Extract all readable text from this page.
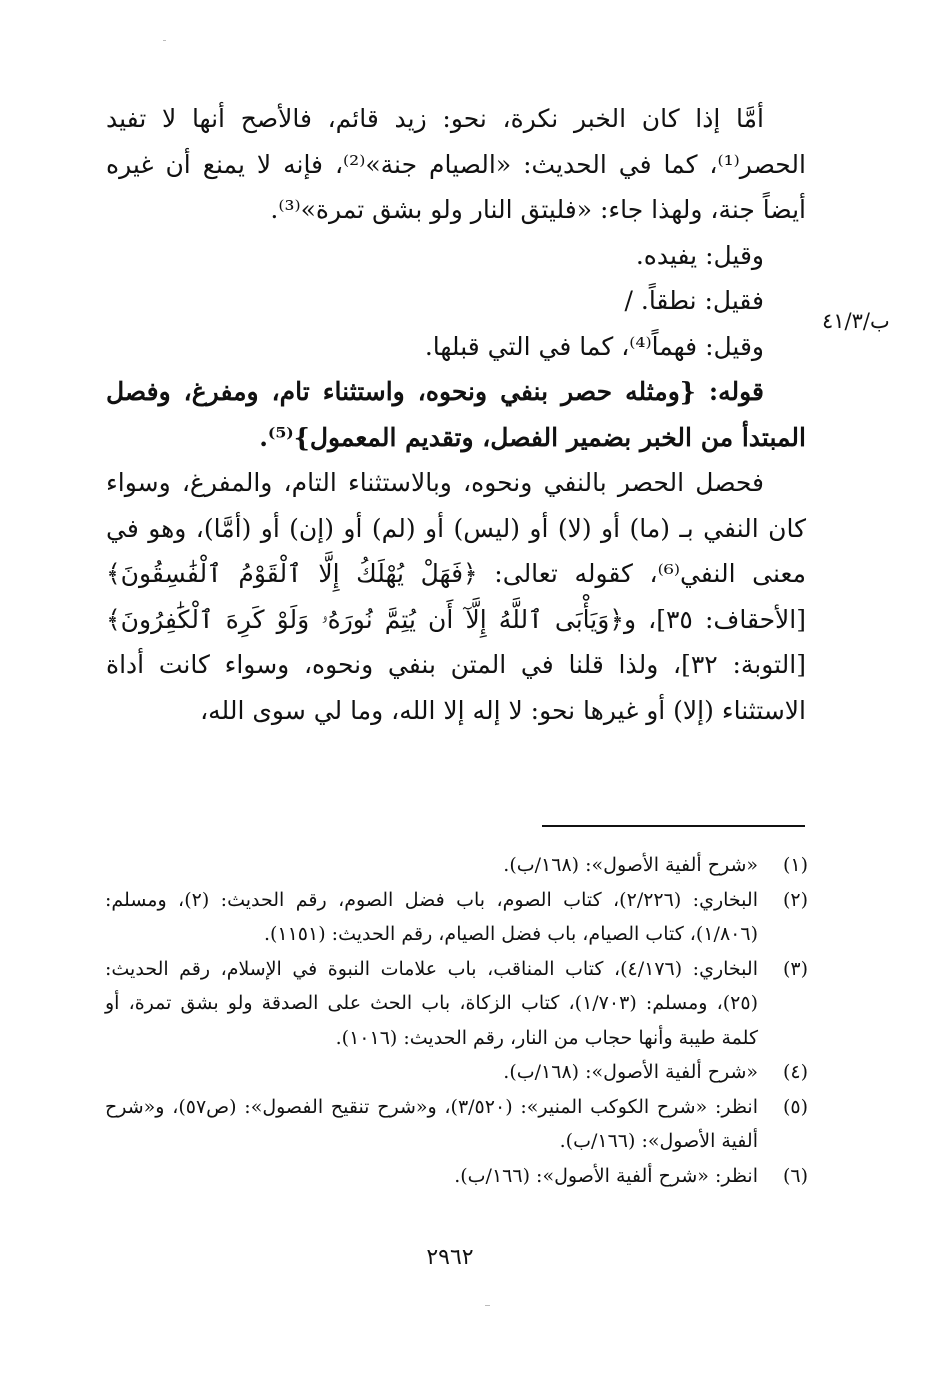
أمَّا إذا كان الخبر نكرة، نحو: زيد قائم، فالأصح أنها لا تفيد الحصر⁽¹⁾، كما في الحديث: «الصيام جنة»⁽²⁾، فإنه لا يمنع أن غيره أيضاً جنة، ولهذا جاء: «فليتق النار ولو بشق تمرة»⁽³⁾.

وقيل: يفيده.

فقيل: نطقاً. /

وقيل: فهماً⁽⁴⁾، كما في التي قبلها.

قوله: {ومثله حصر بنفي ونحوه، واستثناء تام، ومفرغ، وفصل المبتدأ من الخبر بضمير الفصل، وتقديم المعمول}⁽⁵⁾.

فحصل الحصر بالنفي ونحوه، وبالاستثناء التام، والمفرغ، وسواء كان النفي بـ (ما) أو (لا) أو (ليس) أو (لم) أو (إن) أو (أمَّا)، وهو في معنى النفي⁽⁶⁾، كقوله تعالى: ﴿فَهَلْ يُهْلَكُ إِلَّا ٱلْقَوْمُ ٱلْفَٰسِقُونَ﴾ [الأحقاف: ٣٥]، و﴿وَيَأْبَى ٱللَّهُ إِلَّآ أَن يُتِمَّ نُورَهُۥ وَلَوْ كَرِهَ ٱلْكَٰفِرُونَ﴾ [التوبة: ٣٢]، ولذا قلنا في المتن بنفي ونحوه، وسواء كانت أداة الاستثناء (إلا) أو غيرها نحو: لا إله إلا الله، وما لي سوى الله،

ب/٤١/٣
(١)
«شرح ألفية الأصول»: (١٦٨/ب).
(٢)
البخاري: (٢/٢٢٦)، كتاب الصوم، باب فضل الصوم، رقم الحديث: (٢)، ومسلم: (١/٨٠٦)، كتاب الصيام، باب فضل الصيام، رقم الحديث: (١١٥١).
(٣)
البخاري: (٤/١٧٦)، كتاب المناقب، باب علامات النبوة في الإسلام، رقم الحديث: (٢٥)، ومسلم: (١/٧٠٣)، كتاب الزكاة، باب الحث على الصدقة ولو بشق تمرة، أو كلمة طيبة وأنها حجاب من النار، رقم الحديث: (١٠١٦).
(٤)
«شرح ألفية الأصول»: (١٦٨/ب).
(٥)
انظر: «شرح الكوكب المنير»: (٣/٥٢٠)، و«شرح تنقيح الفصول»: (ص٥٧)، و«شرح ألفية الأصول»: (١٦٦/ب).
(٦)
انظر: «شرح ألفية الأصول»: (١٦٦/ب).
٢٩٦٢
